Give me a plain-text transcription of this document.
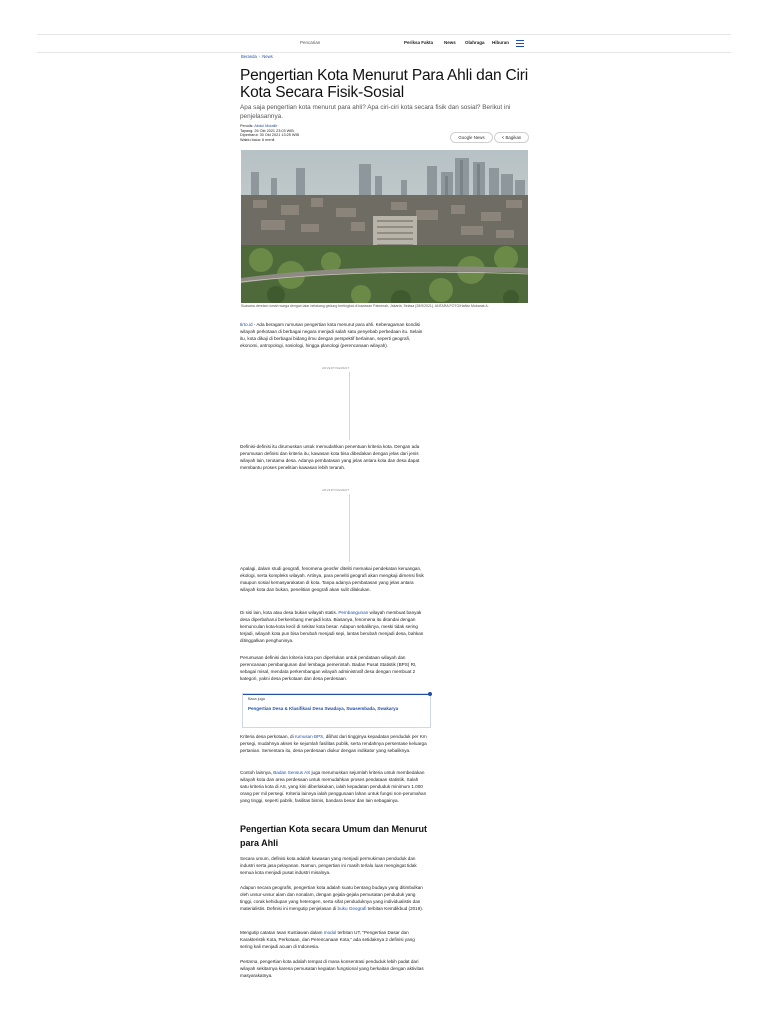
Pencarian	Periksa Fakta News Olahraga Hiburan
Beranda › News
Pengertian Kota Menurut Para Ahli dan Ciri Kota Secara Fisik-Sosial

Apa saja pengertian kota menurut para ahli? Apa ciri-ciri kota secara fisik dan sosial? Berikut ini penjelasannya.

Penulis: Abdul Mutalib
Tayang: 26 Okt 2021 23:03 WIB,
Diperbarui: 30 Okt 2021 13:25 WIB
Waktu baca: 6 menit	Google News	< Bagikan
Suasana deretan rumah warga dengan latar belakang gedung bertingkat di kawasan Palmerah, Jakarta, Selasa (28/9/2021). ANTARA FOTO/Hafidz Mubarak A.

tirto.id - Ada beragam rumusan pengertian kota menurut para ahli. Keberagaman kondisi wilayah perkotaan di berbagai negara menjadi salah satu penyebab perbedaan itu. Selain itu, kota dikaji di berbagai bidang ilmu dengan perspektif berlainan, seperti geografi, ekonomi, antropologi, sosiologi, hingga planologi (perencanaan wilayah).

ADVERTISEMENT

Definisi-definisi itu dirumuskan untuk memudahkan penentuan kriteria kota. Dengan ada perumusan definisi dan kriteria itu, kawasan kota bisa dibedakan dengan jelas dari jenis wilayah lain, terutama desa. Adanya pembatasan yang jelas antara kota dan desa dapat membantu proses penelitian kawasan lebih terarah.

ADVERTISEMENT

Apalagi, dalam studi geografi, fenomena geosfer diteliti memakai pendekatan keruangan, ekologi, serta kompleks wilayah. Artinya, para peneliti geografi akan mengkaji dimensi fisik maupun sosial kemasyarakatan di kota. Tanpa adanya pembatasan yang jelas antara wilayah kota dan bukan, penelitian geografi akan sulit dilakukan.

Di sisi lain, kota atau desa bukan wilayah statis. Pembangunan wilayah membuat banyak desa diperbaharui berkembang menjadi kota. Biasanya, fenomena itu ditandai dengan kemunculan kota-kota kecil di sekitar kota besar. Adapun sebaliknya, meski tidak sering terjadi, wilayah kota pun bisa berubah menjadi sepi, lantas berubah menjadi desa, bahkan ditinggalkan penghuninya.

Perumusan definisi dan kriteria kota pun diperlukan untuk pendataan wilayah dan perencanaan pembangunan dari lembaga pemerintah. Badan Pusat Statistik (BPS) RI, sebagai misal, mendata perkembangan wilayah administratif desa dengan membuat 2 kategori, yakni desa perkotaan dan desa perdesaan.

Baca juga
Pengertian Desa & Klasifikasi Desa Swadaya, Swasembada, Swakarya

Kriteria desa perkotaan, di rumusan BPS, dilihat dari tingginya kepadatan penduduk per Km persegi, mudahnya akses ke sejumlah fasilitas publik, serta rendahnya persentase keluarga pertanian. Sementara itu, desa perdesaan diukur dengan indikator yang sebaliknya.

Contoh lainnya, Badan Sensus AS juga merumuskan sejumlah kriteria untuk membedakan wilayah kota dan area perdesaan untuk memudahkan proses pendataan statistik. Salah satu kriteria kota di AS, yang kini diberlakukan, ialah kepadatan penduduk minimum 1.000 orang per mil persegi. Kriteria lainnya ialah penggunaan lahan untuk fungsi non-perumahan yang tinggi, seperti pabrik, fasilitas bisnis, bandara besar dan lain sebagainya.

Pengertian Kota secara Umum dan Menurut para Ahli

Secara umum, definisi kota adalah kawasan yang menjadi permukiman penduduk dan industri serta jasa pelayanan. Namun, pengertian ini masih terlalu luas mengingat tidak semua kota menjadi pusat industri misalnya.

Adapun secara geografis, pengertian kota adalah suatu bentang budaya yang ditimbulkan oleh unsur-unsur alam dan nonalam, dengan gejala-gejala pemusatan penduduk yang tinggi, corak kehidupan yang heterogen, serta sifat penduduknya yang individualistis dan materialistis. Definisi ini mengutip penjelasan di buku Geografi terbitan Kemdikbud (2019).

Mengutip catatan Iwan Kustiawan dalam modul terbitan UT, "Pengertian Dasar dan Karakteristik Kota, Perkotaan, dan Perencanaan Kota," ada setidaknya 2 definisi yang sering kali menjadi acuan di Indonesia.

Pertama, pengertian kota adalah tempat di mana konsentrasi penduduk lebih padat dari wilayah sekitarnya karena pemusatan kegiatan fungsional yang berkaitan dengan aktivitas masyarakatnya.
